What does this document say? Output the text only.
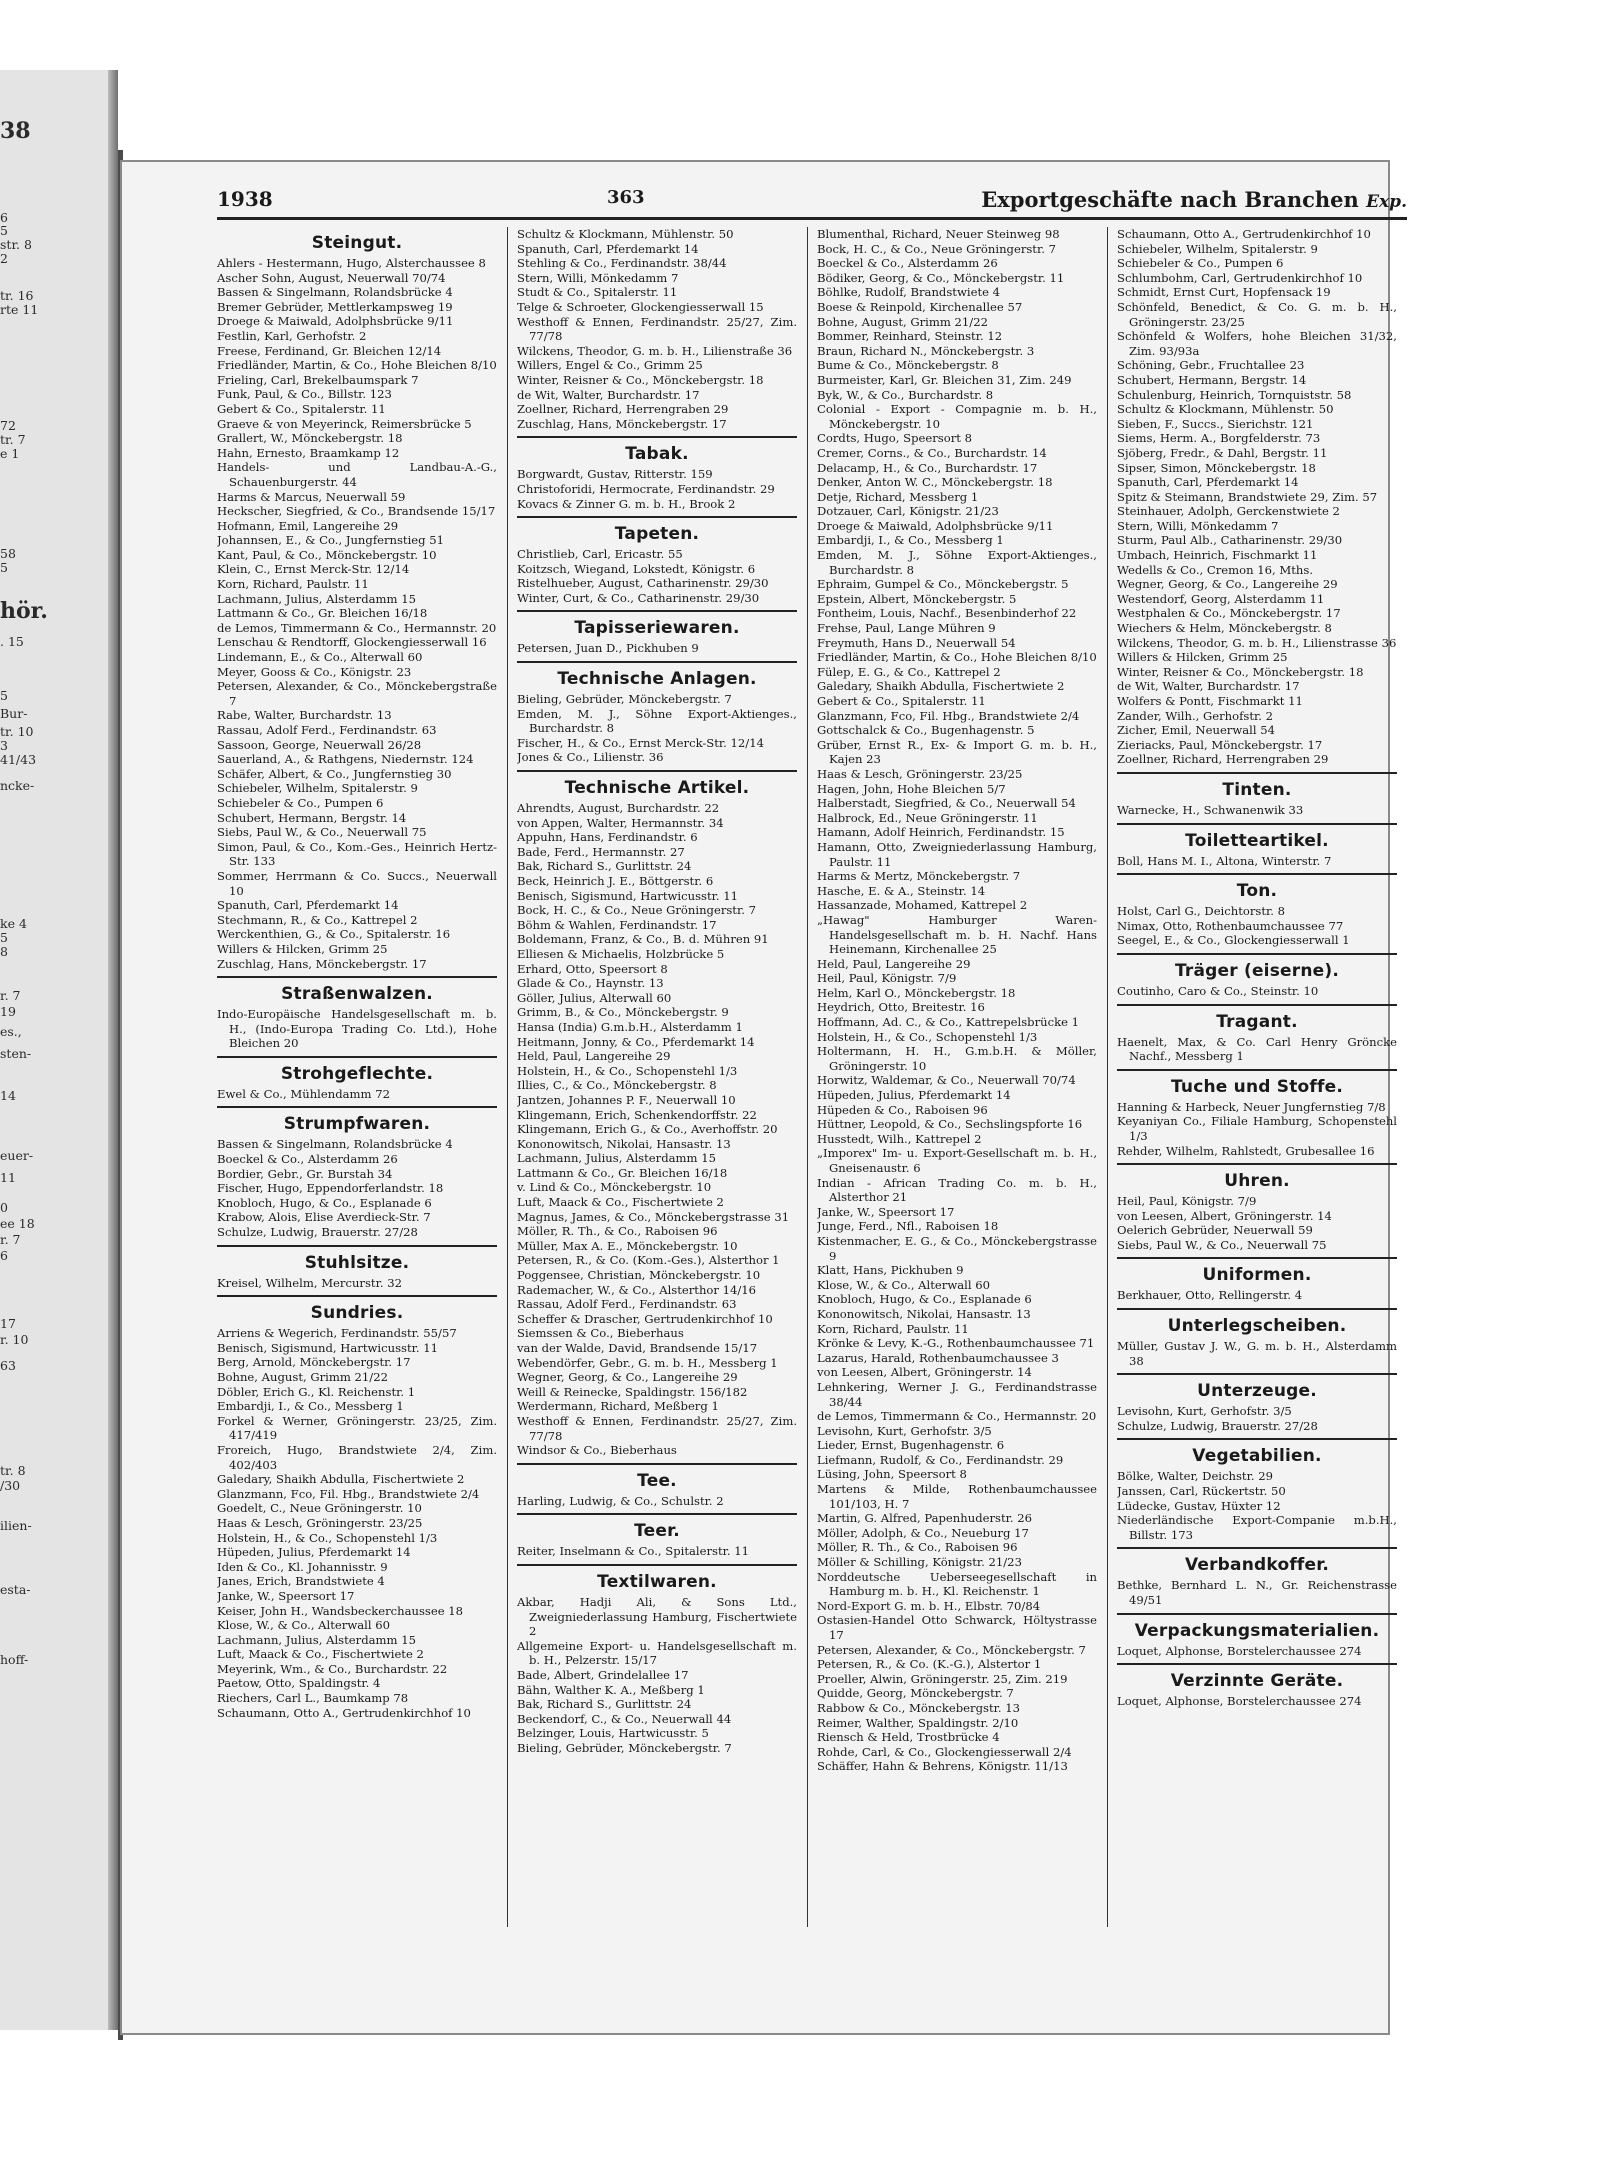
38
6
5
str. 8
2
tr. 16
rte 11
72
tr. 7
e 1
58
5
hör.
. 15
5
Bur-
tr. 10
3
41/43
ncke-
ke 4
5
8
r. 7
19
es.,
sten-
14
euer-
11
0
ee 18
r. 7
6
17
r. 10
63
tr. 8
/30
ilien-
esta-
hoff-
1938	363	Exportgeschäfte nach Branchen Exp.
Steingut.
Ahlers - Hestermann, Hugo, Alsterchaussee 8
Ascher Sohn, August, Neuerwall 70/74
Bassen & Singelmann, Rolandsbrücke 4
Bremer Gebrüder, Mettlerkampsweg 19
Droege & Maiwald, Adolphsbrücke 9/11
Festlin, Karl, Gerhofstr. 2
Freese, Ferdinand, Gr. Bleichen 12/14
Friedländer, Martin, & Co., Hohe Bleichen 8/10
Frieling, Carl, Brekelbaumspark 7
Funk, Paul, & Co., Billstr. 123
Gebert & Co., Spitalerstr. 11
Graeve & von Meyerinck, Reimersbrücke 5
Grallert, W., Mönckebergstr. 18
Hahn, Ernesto, Braamkamp 12
Handels- und Landbau-A.-G., Schauenburgerstr. 44
Harms & Marcus, Neuerwall 59
Heckscher, Siegfried, & Co., Brandsende 15/17
Hofmann, Emil, Langereihe 29
Johannsen, E., & Co., Jungfernstieg 51
Kant, Paul, & Co., Mönckebergstr. 10
Klein, C., Ernst Merck-Str. 12/14
Korn, Richard, Paulstr. 11
Lachmann, Julius, Alsterdamm 15
Lattmann & Co., Gr. Bleichen 16/18
de Lemos, Timmermann & Co., Hermannstr. 20
Lenschau & Rendtorff, Glockengiesserwall 16
Lindemann, E., & Co., Alterwall 60
Meyer, Gooss & Co., Königstr. 23
Petersen, Alexander, & Co., Mönckebergstraße 7
Rabe, Walter, Burchardstr. 13
Rassau, Adolf Ferd., Ferdinandstr. 63
Sassoon, George, Neuerwall 26/28
Sauerland, A., & Rathgens, Niedernstr. 124
Schäfer, Albert, & Co., Jungfernstieg 30
Schiebeler, Wilhelm, Spitalerstr. 9
Schiebeler & Co., Pumpen 6
Schubert, Hermann, Bergstr. 14
Siebs, Paul W., & Co., Neuerwall 75
Simon, Paul, & Co., Kom.-Ges., Heinrich Hertz-Str. 133
Sommer, Herrmann & Co. Succs., Neuerwall 10
Spanuth, Carl, Pferdemarkt 14
Stechmann, R., & Co., Kattrepel 2
Werckenthien, G., & Co., Spitalerstr. 16
Willers & Hilcken, Grimm 25
Zuschlag, Hans, Mönckebergstr. 17
Straßenwalzen.
Indo-Europäische Handelsgesellschaft m. b. H., (Indo-Europa Trading Co. Ltd.), Hohe Bleichen 20
Strohgeflechte.
Ewel & Co., Mühlendamm 72
Strumpfwaren.
Bassen & Singelmann, Rolandsbrücke 4
Boeckel & Co., Alsterdamm 26
Bordier, Gebr., Gr. Burstah 34
Fischer, Hugo, Eppendorferlandstr. 18
Knobloch, Hugo, & Co., Esplanade 6
Krabow, Alois, Elise Averdieck-Str. 7
Schulze, Ludwig, Brauerstr. 27/28
Stuhlsitze.
Kreisel, Wilhelm, Mercurstr. 32
Sundries.
Arriens & Wegerich, Ferdinandstr. 55/57
Benisch, Sigismund, Hartwicusstr. 11
Berg, Arnold, Mönckebergstr. 17
Bohne, August, Grimm 21/22
Döbler, Erich G., Kl. Reichenstr. 1
Embardji, I., & Co., Messberg 1
Forkel & Werner, Gröningerstr. 23/25, Zim. 417/419
Froreich, Hugo, Brandstwiete 2/4, Zim. 402/403
Galedary, Shaikh Abdulla, Fischertwiete 2
Glanzmann, Fco, Fil. Hbg., Brandstwiete 2/4
Goedelt, C., Neue Gröningerstr. 10
Haas & Lesch, Gröningerstr. 23/25
Holstein, H., & Co., Schopenstehl 1/3
Hüpeden, Julius, Pferdemarkt 14
Iden & Co., Kl. Johannisstr. 9
Janes, Erich, Brandstwiete 4
Janke, W., Speersort 17
Keiser, John H., Wandsbeckerchaussee 18
Klose, W., & Co., Alterwall 60
Lachmann, Julius, Alsterdamm 15
Luft, Maack & Co., Fischertwiete 2
Meyerink, Wm., & Co., Burchardstr. 22
Paetow, Otto, Spaldingstr. 4
Riechers, Carl L., Baumkamp 78
Schaumann, Otto A., Gertrudenkirchhof 10
Schultz & Klockmann, Mühlenstr. 50
Spanuth, Carl, Pferdemarkt 14
Stehling & Co., Ferdinandstr. 38/44
Stern, Willi, Mönkedamm 7
Studt & Co., Spitalerstr. 11
Telge & Schroeter, Glockengiesserwall 15
Westhoff & Ennen, Ferdinandstr. 25/27, Zim. 77/78
Wilckens, Theodor, G. m. b. H., Lilienstraße 36
Willers, Engel & Co., Grimm 25
Winter, Reisner & Co., Mönckebergstr. 18
de Wit, Walter, Burchardstr. 17
Zoellner, Richard, Herrengraben 29
Zuschlag, Hans, Mönckebergstr. 17
Tabak.
Borgwardt, Gustav, Ritterstr. 159
Christoforidi, Hermocrate, Ferdinandstr. 29
Kovacs & Zinner G. m. b. H., Brook 2
Tapeten.
Christlieb, Carl, Ericastr. 55
Koitzsch, Wiegand, Lokstedt, Königstr. 6
Ristelhueber, August, Catharinenstr. 29/30
Winter, Curt, & Co., Catharinenstr. 29/30
Tapisseriewaren.
Petersen, Juan D., Pickhuben 9
Technische Anlagen.
Bieling, Gebrüder, Mönckebergstr. 7
Emden, M. J., Söhne Export-Aktienges., Burchardstr. 8
Fischer, H., & Co., Ernst Merck-Str. 12/14
Jones & Co., Lilienstr. 36
Technische Artikel.
Ahrendts, August, Burchardstr. 22
von Appen, Walter, Hermannstr. 34
Appuhn, Hans, Ferdinandstr. 6
Bade, Ferd., Hermannstr. 27
Bak, Richard S., Gurlittstr. 24
Beck, Heinrich J. E., Böttgerstr. 6
Benisch, Sigismund, Hartwicusstr. 11
Bock, H. C., & Co., Neue Gröningerstr. 7
Böhm & Wahlen, Ferdinandstr. 17
Boldemann, Franz, & Co., B. d. Mühren 91
Elliesen & Michaelis, Holzbrücke 5
Erhard, Otto, Speersort 8
Glade & Co., Haynstr. 13
Göller, Julius, Alterwall 60
Grimm, B., & Co., Mönckebergstr. 9
Hansa (India) G.m.b.H., Alsterdamm 1
Heitmann, Jonny, & Co., Pferdemarkt 14
Held, Paul, Langereihe 29
Holstein, H., & Co., Schopenstehl 1/3
Illies, C., & Co., Mönckebergstr. 8
Jantzen, Johannes P. F., Neuerwall 10
Klingemann, Erich, Schenkendorffstr. 22
Klingemann, Erich G., & Co., Averhoffstr. 20
Kononowitsch, Nikolai, Hansastr. 13
Lachmann, Julius, Alsterdamm 15
Lattmann & Co., Gr. Bleichen 16/18
v. Lind & Co., Mönckebergstr. 10
Luft, Maack & Co., Fischertwiete 2
Magnus, James, & Co., Mönckebergstrasse 31
Möller, R. Th., & Co., Raboisen 96
Müller, Max A. E., Mönckebergstr. 10
Petersen, R., & Co. (Kom.-Ges.), Alsterthor 1
Poggensee, Christian, Mönckebergstr. 10
Rademacher, W., & Co., Alsterthor 14/16
Rassau, Adolf Ferd., Ferdinandstr. 63
Scheffer & Drascher, Gertrudenkirchhof 10
Siemssen & Co., Bieberhaus
van der Walde, David, Brandsende 15/17
Webendörfer, Gebr., G. m. b. H., Messberg 1
Wegner, Georg, & Co., Langereihe 29
Weill & Reinecke, Spaldingstr. 156/182
Werdermann, Richard, Meßberg 1
Westhoff & Ennen, Ferdinandstr. 25/27, Zim. 77/78
Windsor & Co., Bieberhaus
Tee.
Harling, Ludwig, & Co., Schulstr. 2
Teer.
Reiter, Inselmann & Co., Spitalerstr. 11
Textilwaren.
Akbar, Hadji Ali, & Sons Ltd., Zweigniederlassung Hamburg, Fischertwiete 2
Allgemeine Export- u. Handelsgesellschaft m. b. H., Pelzerstr. 15/17
Bade, Albert, Grindelallee 17
Bähn, Walther K. A., Meßberg 1
Bak, Richard S., Gurlittstr. 24
Beckendorf, C., & Co., Neuerwall 44
Belzinger, Louis, Hartwicusstr. 5
Bieling, Gebrüder, Mönckebergstr. 7
Blumenthal, Richard, Neuer Steinweg 98
Bock, H. C., & Co., Neue Gröningerstr. 7
Boeckel & Co., Alsterdamm 26
Bödiker, Georg, & Co., Mönckebergstr. 11
Böhlke, Rudolf, Brandstwiete 4
Boese & Reinpold, Kirchenallee 57
Bohne, August, Grimm 21/22
Bommer, Reinhard, Steinstr. 12
Braun, Richard N., Mönckebergstr. 3
Bume & Co., Mönckebergstr. 8
Burmeister, Karl, Gr. Bleichen 31, Zim. 249
Byk, W., & Co., Burchardstr. 8
Colonial - Export - Compagnie m. b. H., Mönckebergstr. 10
Cordts, Hugo, Speersort 8
Cremer, Corns., & Co., Burchardstr. 14
Delacamp, H., & Co., Burchardstr. 17
Denker, Anton W. C., Mönckebergstr. 18
Detje, Richard, Messberg 1
Dotzauer, Carl, Königstr. 21/23
Droege & Maiwald, Adolphsbrücke 9/11
Embardji, I., & Co., Messberg 1
Emden, M. J., Söhne Export-Aktienges., Burchardstr. 8
Ephraim, Gumpel & Co., Mönckebergstr. 5
Epstein, Albert, Mönckebergstr. 5
Fontheim, Louis, Nachf., Besenbinderhof 22
Frehse, Paul, Lange Mühren 9
Freymuth, Hans D., Neuerwall 54
Friedländer, Martin, & Co., Hohe Bleichen 8/10
Fülep, E. G., & Co., Kattrepel 2
Galedary, Shaikh Abdulla, Fischertwiete 2
Gebert & Co., Spitalerstr. 11
Glanzmann, Fco, Fil. Hbg., Brandstwiete 2/4
Gottschalck & Co., Bugenhagenstr. 5
Grüber, Ernst R., Ex- & Import G. m. b. H., Kajen 23
Haas & Lesch, Gröningerstr. 23/25
Hagen, John, Hohe Bleichen 5/7
Halberstadt, Siegfried, & Co., Neuerwall 54
Halbrock, Ed., Neue Gröningerstr. 11
Hamann, Adolf Heinrich, Ferdinandstr. 15
Hamann, Otto, Zweigniederlassung Hamburg, Paulstr. 11
Harms & Mertz, Mönckebergstr. 7
Hasche, E. & A., Steinstr. 14
Hassanzade, Mohamed, Kattrepel 2
„Hawag" Hamburger Waren-Handelsgesellschaft m. b. H. Nachf. Hans Heinemann, Kirchenallee 25
Held, Paul, Langereihe 29
Heil, Paul, Königstr. 7/9
Helm, Karl O., Mönckebergstr. 18
Heydrich, Otto, Breitestr. 16
Hoffmann, Ad. C., & Co., Kattrepelsbrücke 1
Holstein, H., & Co., Schopenstehl 1/3
Holtermann, H. H., G.m.b.H. & Möller, Gröningerstr. 10
Horwitz, Waldemar, & Co., Neuerwall 70/74
Hüpeden, Julius, Pferdemarkt 14
Hüpeden & Co., Raboisen 96
Hüttner, Leopold, & Co., Sechslingspforte 16
Husstedt, Wilh., Kattrepel 2
„Imporex" Im- u. Export-Gesellschaft m. b. H., Gneisenaustr. 6
Indian - African Trading Co. m. b. H., Alsterthor 21
Janke, W., Speersort 17
Junge, Ferd., Nfl., Raboisen 18
Kistenmacher, E. G., & Co., Mönckebergstrasse 9
Klatt, Hans, Pickhuben 9
Klose, W., & Co., Alterwall 60
Knobloch, Hugo, & Co., Esplanade 6
Kononowitsch, Nikolai, Hansastr. 13
Korn, Richard, Paulstr. 11
Krönke & Levy, K.-G., Rothenbaumchaussee 71
Lazarus, Harald, Rothenbaumchaussee 3
von Leesen, Albert, Gröningerstr. 14
Lehnkering, Werner J. G., Ferdinandstrasse 38/44
de Lemos, Timmermann & Co., Hermannstr. 20
Levisohn, Kurt, Gerhofstr. 3/5
Lieder, Ernst, Bugenhagenstr. 6
Liefmann, Rudolf, & Co., Ferdinandstr. 29
Lüsing, John, Speersort 8
Martens & Milde, Rothenbaumchaussee 101/103, H. 7
Martin, G. Alfred, Papenhuderstr. 26
Möller, Adolph, & Co., Neueburg 17
Möller, R. Th., & Co., Raboisen 96
Möller & Schilling, Königstr. 21/23
Norddeutsche Ueberseegesellschaft in Hamburg m. b. H., Kl. Reichenstr. 1
Nord-Export G. m. b. H., Elbstr. 70/84
Ostasien-Handel Otto Schwarck, Höltystrasse 17
Petersen, Alexander, & Co., Mönckebergstr. 7
Petersen, R., & Co. (K.-G.), Alstertor 1
Proeller, Alwin, Gröningerstr. 25, Zim. 219
Quidde, Georg, Mönckebergstr. 7
Rabbow & Co., Mönckebergstr. 13
Reimer, Walther, Spaldingstr. 2/10
Riensch & Held, Trostbrücke 4
Rohde, Carl, & Co., Glockengiesserwall 2/4
Schäffer, Hahn & Behrens, Königstr. 11/13
Schaumann, Otto A., Gertrudenkirchhof 10
Schiebeler, Wilhelm, Spitalerstr. 9
Schiebeler & Co., Pumpen 6
Schlumbohm, Carl, Gertrudenkirchhof 10
Schmidt, Ernst Curt, Hopfensack 19
Schönfeld, Benedict, & Co. G. m. b. H., Gröningerstr. 23/25
Schönfeld & Wolfers, hohe Bleichen 31/32, Zim. 93/93a
Schöning, Gebr., Fruchtallee 23
Schubert, Hermann, Bergstr. 14
Schulenburg, Heinrich, Tornquiststr. 58
Schultz & Klockmann, Mühlenstr. 50
Sieben, F., Succs., Sierichstr. 121
Siems, Herm. A., Borgfelderstr. 73
Sjöberg, Fredr., & Dahl, Bergstr. 11
Sipser, Simon, Mönckebergstr. 18
Spanuth, Carl, Pferdemarkt 14
Spitz & Steimann, Brandstwiete 29, Zim. 57
Steinhauer, Adolph, Gerckenstwiete 2
Stern, Willi, Mönkedamm 7
Sturm, Paul Alb., Catharinenstr. 29/30
Umbach, Heinrich, Fischmarkt 11
Wedells & Co., Cremon 16, Mths.
Wegner, Georg, & Co., Langereihe 29
Westendorf, Georg, Alsterdamm 11
Westphalen & Co., Mönckebergstr. 17
Wiechers & Helm, Mönckebergstr. 8
Wilckens, Theodor, G. m. b. H., Lilienstrasse 36
Willers & Hilcken, Grimm 25
Winter, Reisner & Co., Mönckebergstr. 18
de Wit, Walter, Burchardstr. 17
Wolfers & Pontt, Fischmarkt 11
Zander, Wilh., Gerhofstr. 2
Zicher, Emil, Neuerwall 54
Zieriacks, Paul, Mönckebergstr. 17
Zoellner, Richard, Herrengraben 29
Tinten.
Warnecke, H., Schwanenwik 33
Toiletteartikel.
Boll, Hans M. I., Altona, Winterstr. 7
Ton.
Holst, Carl G., Deichtorstr. 8
Nimax, Otto, Rothenbaumchaussee 77
Seegel, E., & Co., Glockengiesserwall 1
Träger (eiserne).
Coutinho, Caro & Co., Steinstr. 10
Tragant.
Haenelt, Max, & Co. Carl Henry Gröncke Nachf., Messberg 1
Tuche und Stoffe.
Hanning & Harbeck, Neuer Jungfernstieg 7/8
Keyaniyan Co., Filiale Hamburg, Schopenstehl 1/3
Rehder, Wilhelm, Rahlstedt, Grubesallee 16
Uhren.
Heil, Paul, Königstr. 7/9
von Leesen, Albert, Gröningerstr. 14
Oelerich Gebrüder, Neuerwall 59
Siebs, Paul W., & Co., Neuerwall 75
Uniformen.
Berkhauer, Otto, Rellingerstr. 4
Unterlegscheiben.
Müller, Gustav J. W., G. m. b. H., Alsterdamm 38
Unterzeuge.
Levisohn, Kurt, Gerhofstr. 3/5
Schulze, Ludwig, Brauerstr. 27/28
Vegetabilien.
Bölke, Walter, Deichstr. 29
Janssen, Carl, Rückertstr. 50
Lüdecke, Gustav, Hüxter 12
Niederländische Export-Companie m.b.H., Billstr. 173
Verbandkoffer.
Bethke, Bernhard L. N., Gr. Reichenstrasse 49/51
Verpackungsmaterialien.
Loquet, Alphonse, Borstelerchaussee 274
Verzinnte Geräte.
Loquet, Alphonse, Borstelerchaussee 274
